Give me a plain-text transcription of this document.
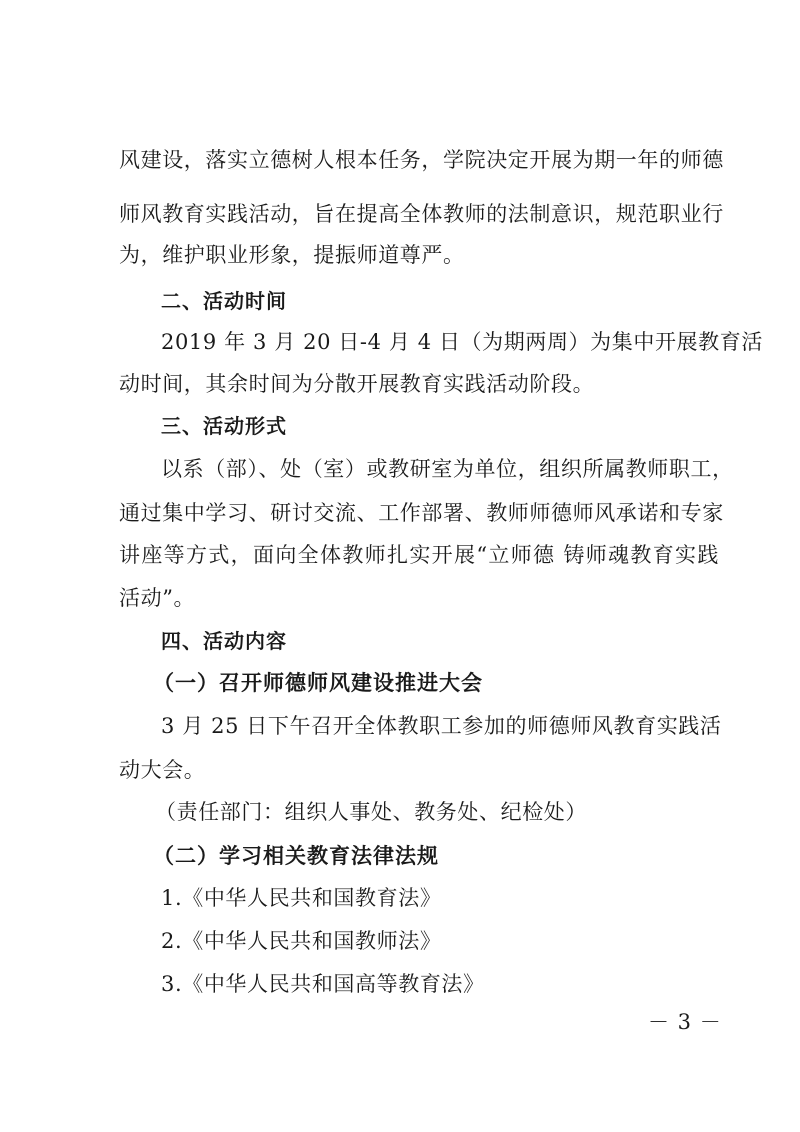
风建设，落实立德树人根本任务，学院决定开展为期一年的师德
师风教育实践活动，旨在提高全体教师的法制意识，规范职业行
为，维护职业形象，提振师道尊严。
二、活动时间
2019 年 3 月 20 日-4 月 4 日（为期两周）为集中开展教育活
动时间，其余时间为分散开展教育实践活动阶段。
三、活动形式
以系（部）、处（室）或教研室为单位，组织所属教师职工，
通过集中学习、研讨交流、工作部署、教师师德师风承诺和专家
讲座等方式，面向全体教师扎实开展“立师德 铸师魂教育实践
活动”。
四、活动内容
（一）召开师德师风建设推进大会
3 月 25 日下午召开全体教职工参加的师德师风教育实践活
动大会。
（责任部门：组织人事处、教务处、纪检处）
（二）学习相关教育法律法规
1.《中华人民共和国教育法》
2.《中华人民共和国教师法》
3.《中华人民共和国高等教育法》
－ 3 －
